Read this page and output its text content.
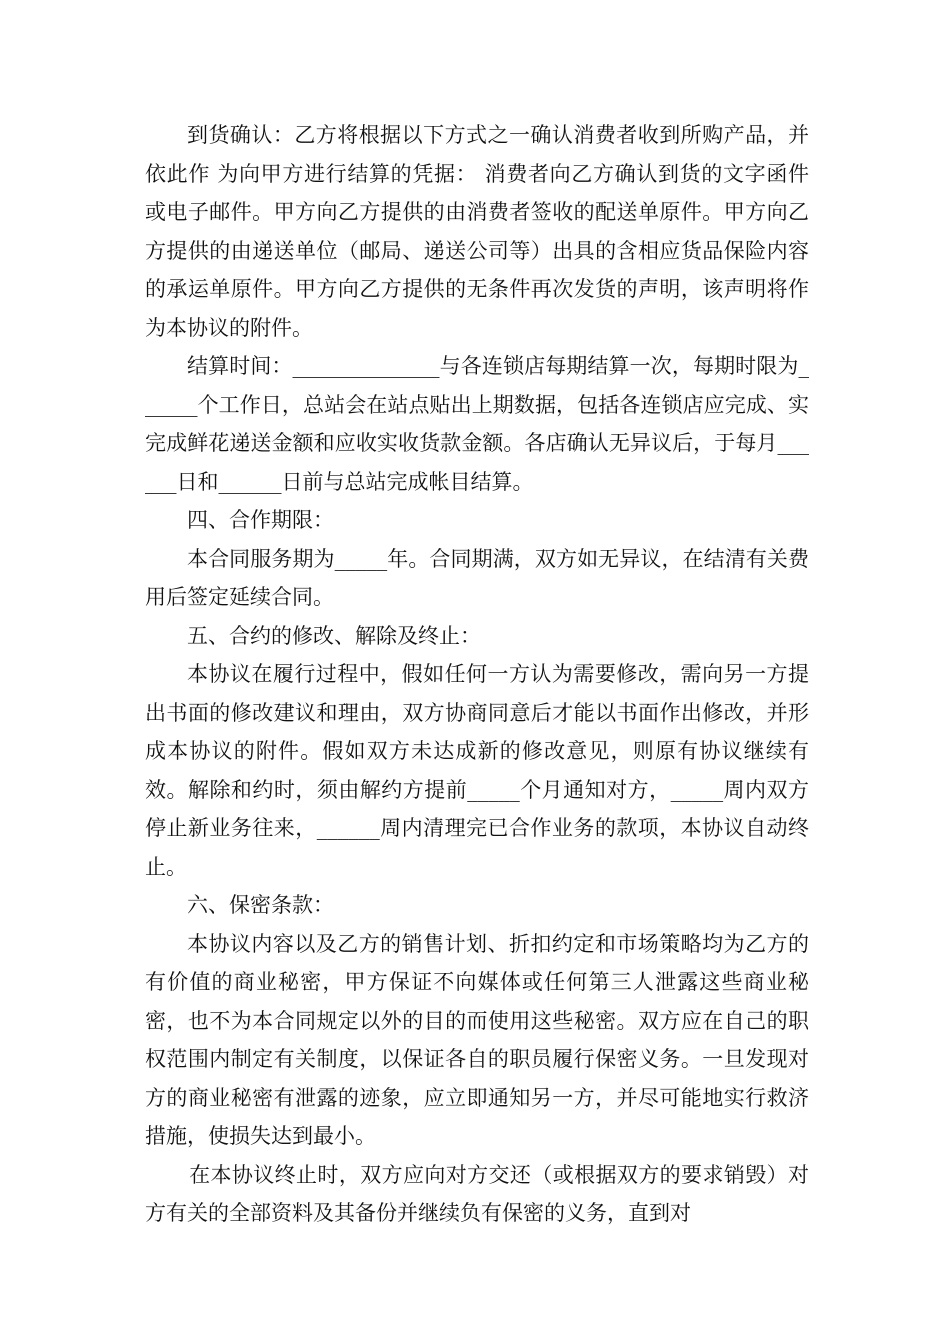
到货确认：乙方将根据以下方式之一确认消费者收到所购产品，并依此作 为向甲方进行结算的凭据： 消费者向乙方确认到货的文字函件或电子邮件。甲方向乙方提供的由消费者签收的配送单原件。甲方向乙方提供的由递送单位（邮局、递送公司等）出具的含相应货品保险内容的承运单原件。甲方向乙方提供的无条件再次发货的声明，该声明将作为本协议的附件。

结算时间：______________与各连锁店每期结算一次，每期时限为______个工作日，总站会在站点贴出上期数据，包括各连锁店应完成、实完成鲜花递送金额和应收实收货款金额。各店确认无异议后，于每月______日和______日前与总站完成帐目结算。

四、合作期限：

本合同服务期为_____年。合同期满，双方如无异议，在结清有关费用后签定延续合同。

五、合约的修改、解除及终止：

本协议在履行过程中，假如任何一方认为需要修改，需向另一方提出书面的修改建议和理由，双方协商同意后才能以书面作出修改，并形成本协议的附件。假如双方未达成新的修改意见，则原有协议继续有效。解除和约时，须由解约方提前_____个月通知对方，_____周内双方停止新业务往来，______周内清理完已合作业务的款项，本协议自动终止。

六、保密条款：

本协议内容以及乙方的销售计划、折扣约定和市场策略均为乙方的有价值的商业秘密，甲方保证不向媒体或任何第三人泄露这些商业秘密，也不为本合同规定以外的目的而使用这些秘密。双方应在自己的职权范围内制定有关制度，以保证各自的职员履行保密义务。一旦发现对方的商业秘密有泄露的迹象，应立即通知另一方，并尽可能地实行救济措施，使损失达到最小。

在本协议终止时，双方应向对方交还（或根据双方的要求销毁）对方有关的全部资料及其备份并继续负有保密的义务，直到对
